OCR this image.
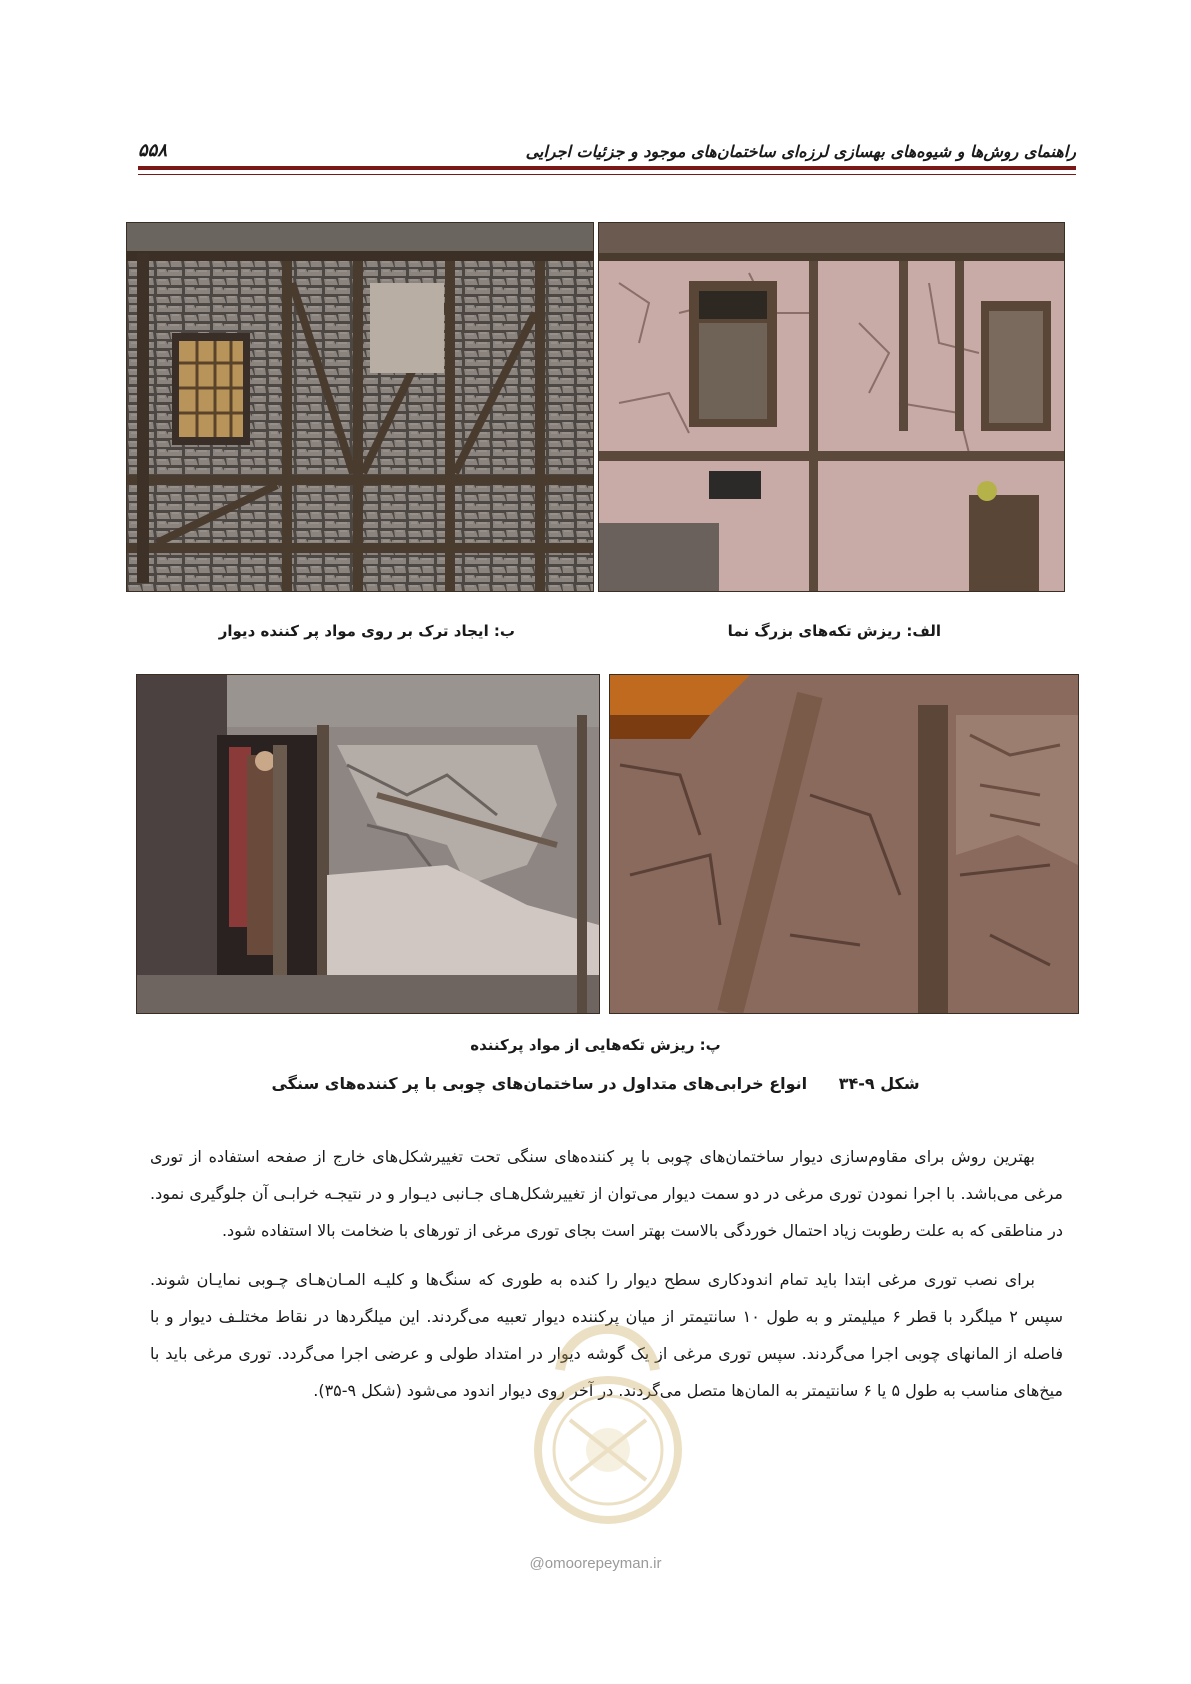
راهنمای روش‌ها و شیوه‌های بهسازی لرزه‌ای ساختمان‌های موجود و جزئیات اجرایی
۵۵۸
الف: ریزش تکه‌های بزرگ نما
ب: ایجاد ترک بر روی مواد پر کننده دیوار
پ: ریزش تکه‌هایی از مواد پرکننده
شکل ۹-۳۴ انواع خرابی‌های متداول در ساختمان‌های چوبی با پر کننده‌های سنگی

بهترین روش برای مقاوم‌سازی دیوار ساختمان‌های چوبی با پر کننده‌های سنگی تحت تغییرشکل‌های خارج از صفحه استفاده از توری مرغی می‌باشد. با اجرا نمودن توری مرغی در دو سمت دیوار می‌توان از تغییرشکل‌هـای جـانبی دیـوار و در نتیجـه خرابـی آن جلوگیری نمود. در مناطقی که به علت رطوبت زیاد احتمال خوردگی بالاست بهتر است بجای توری مرغی از تورهای با ضخامت بالا استفاده شود.

برای نصب توری مرغی ابتدا باید تمام اندودکاری سطح دیوار را کنده به طوری که سنگ‌ها و کلیـه المـان‌هـای چـوبی نمایـان شوند. سپس ۲ میلگرد با قطر ۶ میلیمتر و به طول ۱۰ سانتیمتر از میان پرکننده دیوار تعبیه می‌گردند. این میلگردها در نقاط مختلـف دیوار و با فاصله از المانهای چوبی اجرا می‌گردند. سپس توری مرغی از یک گوشه دیوار در امتداد طولی و عرضی اجرا می‌گردد. توری مرغی باید با میخ‌های مناسب به طول ۵ یا ۶ سانتیمتر به المان‌ها متصل می‌گردند. در آخر روی دیوار اندود می‌شود (شکل ۹-۳۵).

@omoorepeyman.ir
